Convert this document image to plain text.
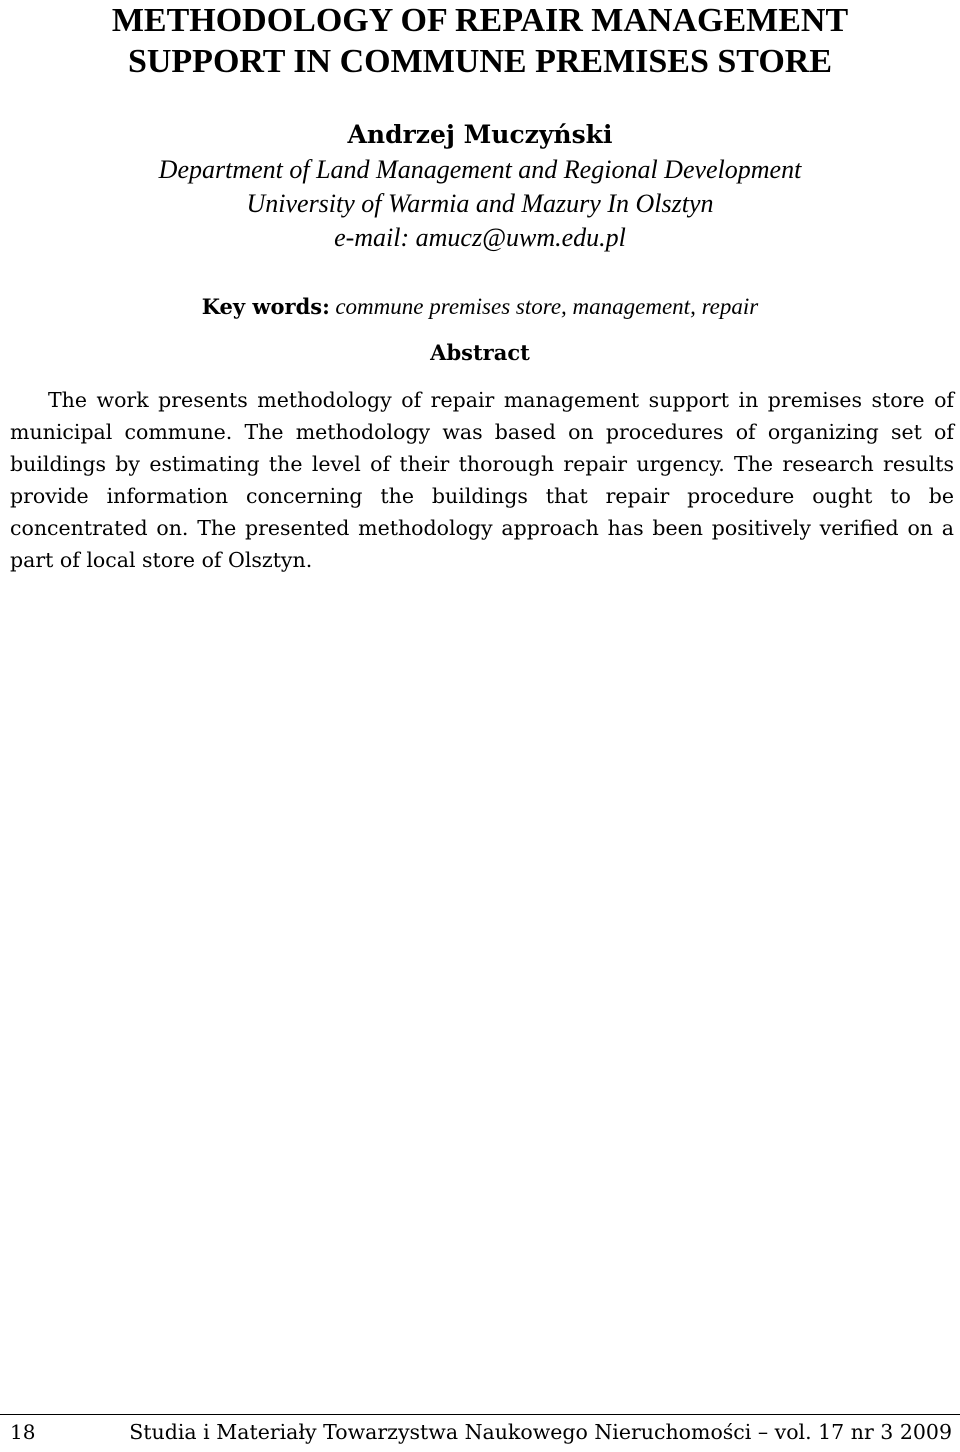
METHODOLOGY OF REPAIR MANAGEMENT
SUPPORT IN COMMUNE PREMISES STORE
Andrzej Muczyński
Department of Land Management and Regional Development
University of Warmia and Mazury In Olsztyn
e-mail: amucz@uwm.edu.pl
Key words: commune premises store, management, repair
Abstract

The work presents methodology of repair management support in premises store of municipal commune. The methodology was based on procedures of organizing set of buildings by estimating the level of their thorough repair urgency. The research results provide information concerning the buildings that repair procedure ought to be concentrated on. The presented methodology approach has been positively verified on a part of local store of Olsztyn.

18	Studia i Materiały Towarzystwa Naukowego Nieruchomości – vol. 17 nr 3 2009
